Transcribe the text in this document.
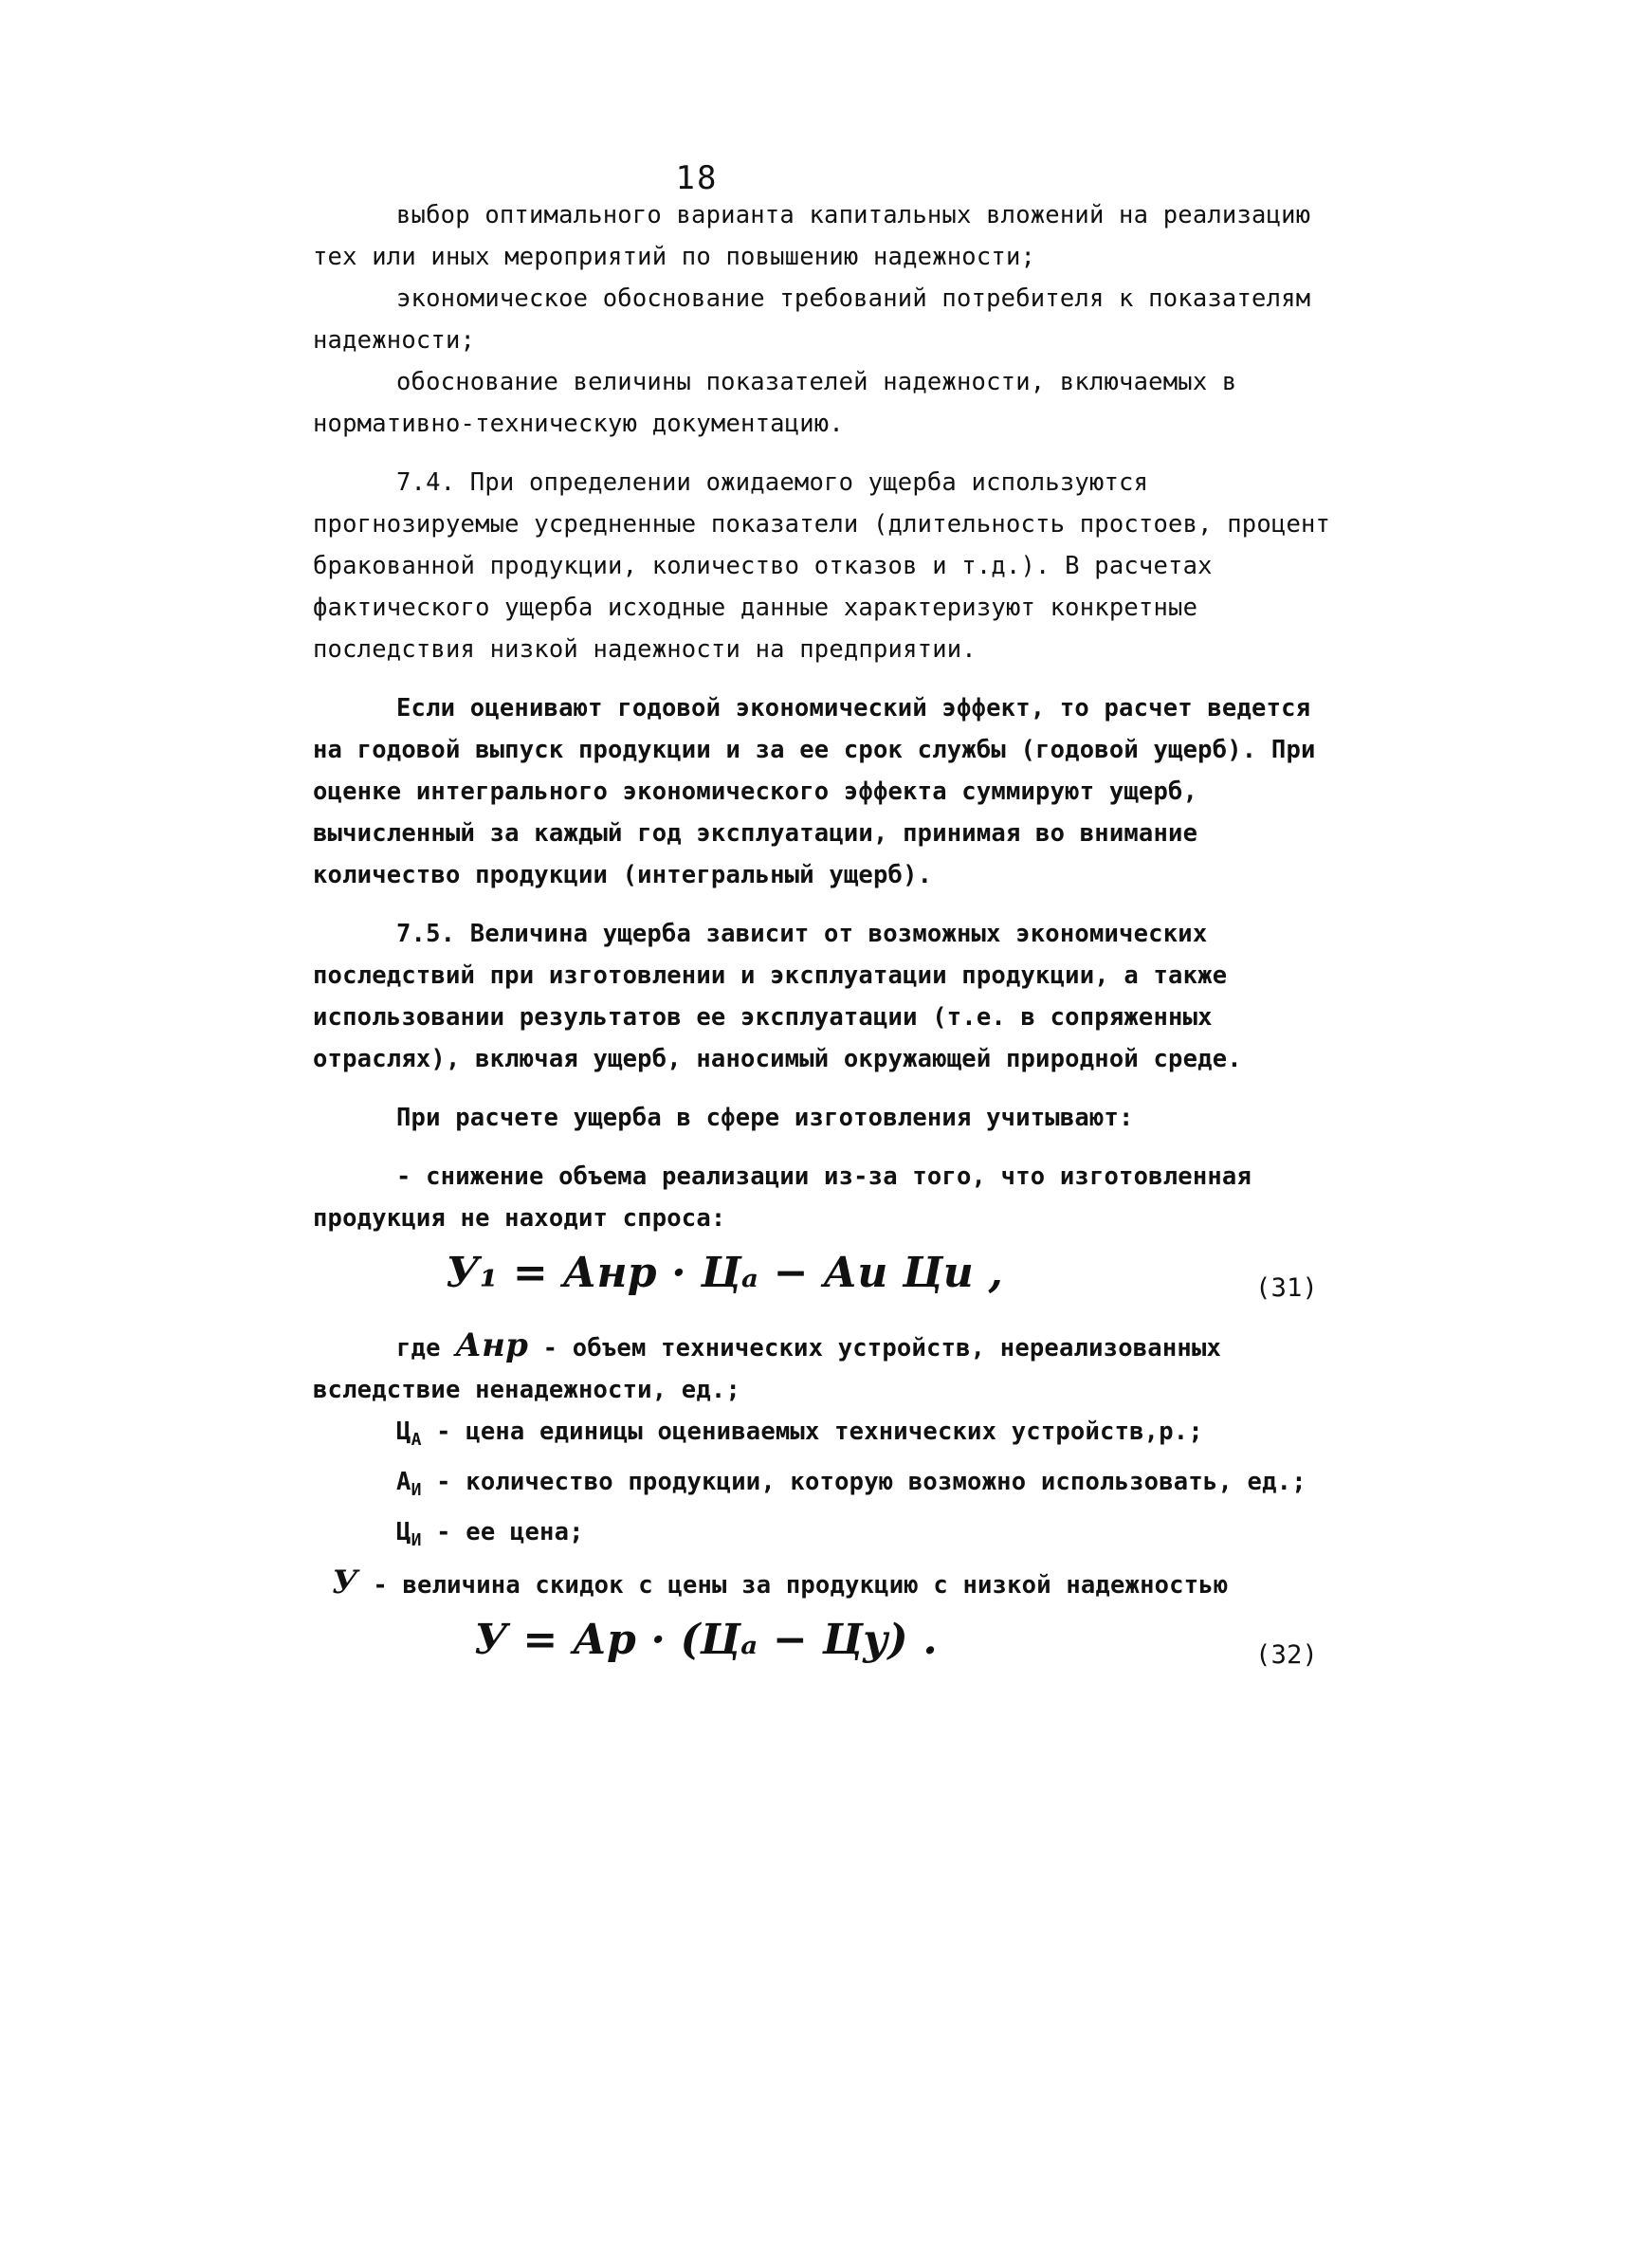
18

выбор оптимального варианта капитальных вложений на реализацию тех или иных мероприятий по повышению надежности;

экономическое обоснование требований потребителя к показателям надежности;

обоснование величины показателей надежности, включаемых в нормативно-техническую документацию.

7.4. При определении ожидаемого ущерба используются прогнозируемые усредненные показатели (длительность простоев, процент бракованной продукции, количество отказов и т.д.). В расчетах фактического ущерба исходные данные характеризуют конкретные последствия низкой надежности на предприятии.

Если оценивают годовой экономический эффект, то расчет ведется на годовой выпуск продукции и за ее срок службы (годовой ущерб). При оценке интегрального экономического эффекта суммируют ущерб, вычисленный за каждый год эксплуатации, принимая во внимание количество продукции (интегральный ущерб).

7.5. Величина ущерба зависит от возможных экономических последствий при изготовлении и эксплуатации продукции, а также использовании результатов ее эксплуатации (т.е. в сопряженных отраслях), включая ущерб, наносимый окружающей природной среде.

При расчете ущерба в сфере изготовления учитывают:

- снижение объема реализации из-за того, что изготовленная продукция не находит спроса:

У₁ = Анр · Цₐ − Аи Ци ,	(31)

где Анр - объем технических устройств, нереализованных вследствие ненадежности, ед.;

$Ц_А$ - цена единицы оцениваемых технических устройств,р.;

$А_И$ - количество продукции, которую возможно использовать, ед.;

$Ц_И$ - ее цена;

У - величина скидок с цены за продукцию с низкой надежностью

У = Ар · (Цₐ − Цу) .	(32)
